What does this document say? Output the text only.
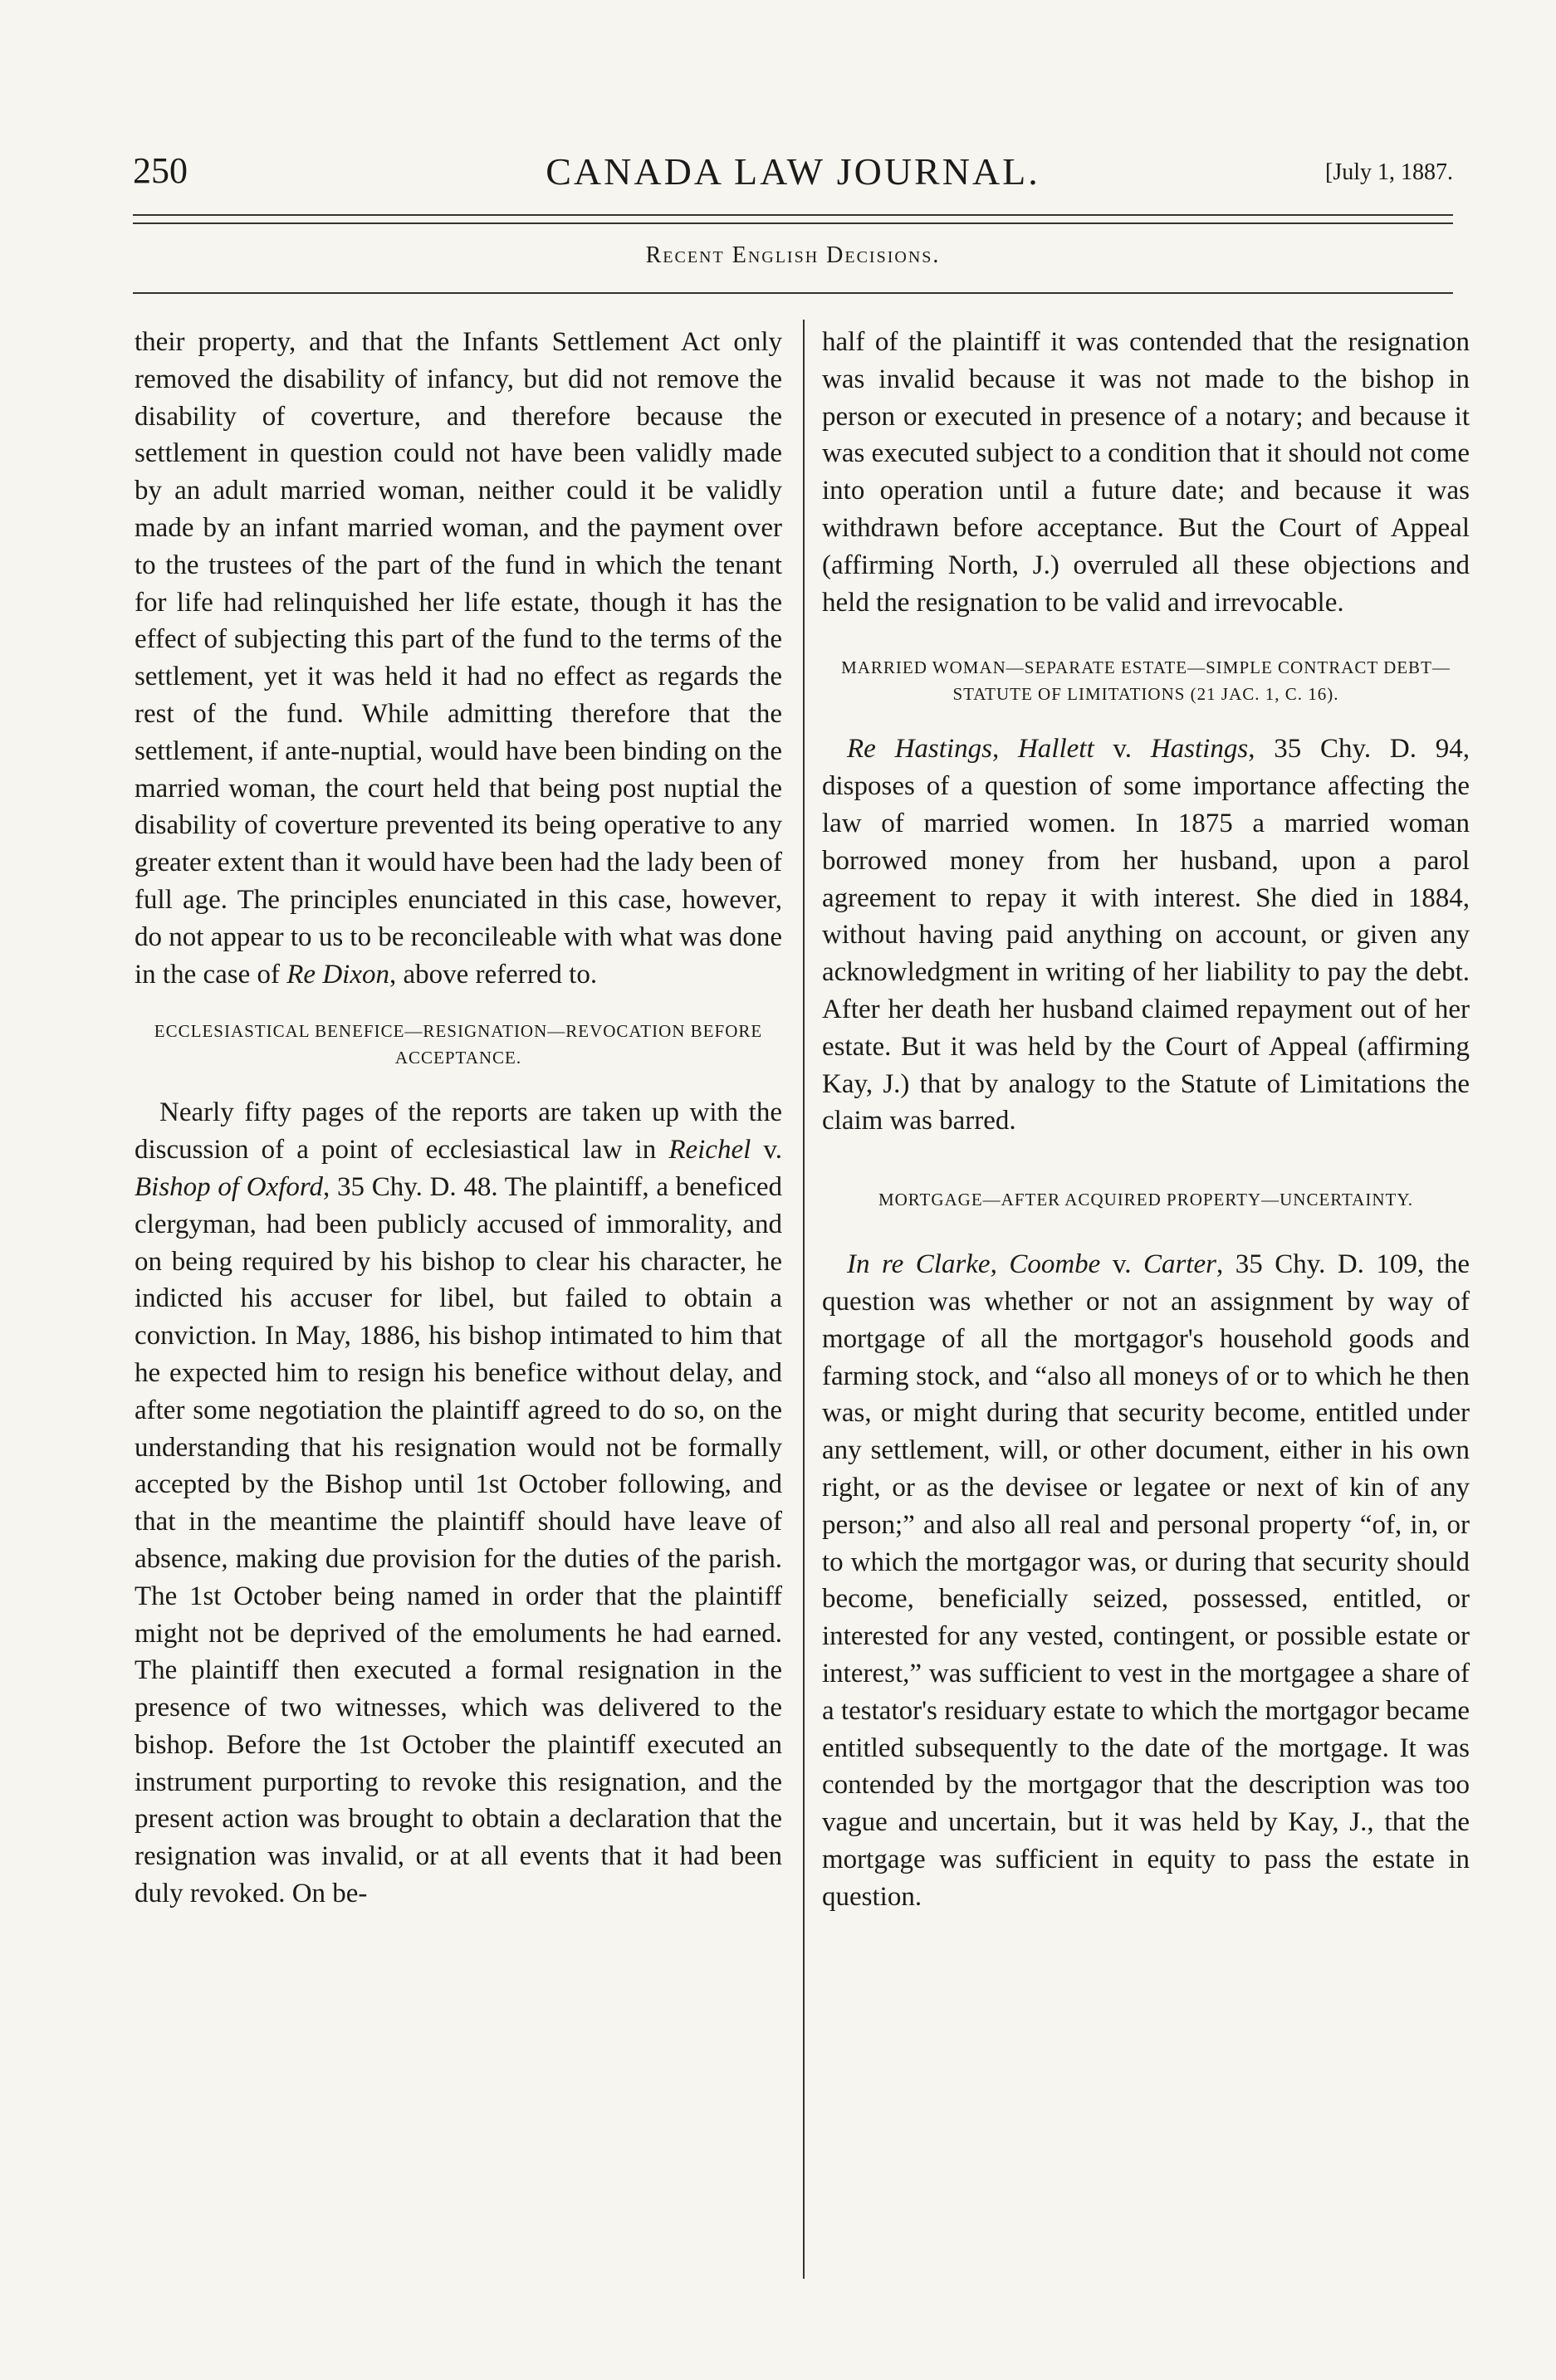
250	CANADA LAW JOURNAL.	[July 1, 1887.
Recent English Decisions.

their property, and that the Infants Settlement Act only removed the disability of infancy, but did not remove the disability of coverture, and therefore because the settlement in question could not have been validly made by an adult married woman, neither could it be validly made by an infant married woman, and the payment over to the trustees of the part of the fund in which the tenant for life had relinquished her life estate, though it has the effect of subjecting this part of the fund to the terms of the settlement, yet it was held it had no effect as regards the rest of the fund. While admitting therefore that the settlement, if ante-nuptial, would have been binding on the married woman, the court held that being post nuptial the disability of coverture prevented its being operative to any greater extent than it would have been had the lady been of full age. The principles enunciated in this case, however, do not appear to us to be reconcileable with what was done in the case of Re Dixon, above referred to.

ECCLESIASTICAL BENEFICE—RESIGNATION—REVOCATION BEFORE ACCEPTANCE.

Nearly fifty pages of the reports are taken up with the discussion of a point of ecclesiastical law in Reichel v. Bishop of Oxford, 35 Chy. D. 48. The plaintiff, a beneficed clergyman, had been publicly accused of immorality, and on being required by his bishop to clear his character, he indicted his accuser for libel, but failed to obtain a conviction. In May, 1886, his bishop intimated to him that he expected him to resign his benefice without delay, and after some negotiation the plaintiff agreed to do so, on the understanding that his resignation would not be formally accepted by the Bishop until 1st October following, and that in the meantime the plaintiff should have leave of absence, making due provision for the duties of the parish. The 1st October being named in order that the plaintiff might not be deprived of the emoluments he had earned. The plaintiff then executed a formal resignation in the presence of two witnesses, which was delivered to the bishop. Before the 1st October the plaintiff executed an instrument purporting to revoke this resignation, and the present action was brought to obtain a declaration that the resignation was invalid, or at all events that it had been duly revoked. On be-

half of the plaintiff it was contended that the resignation was invalid because it was not made to the bishop in person or executed in presence of a notary; and because it was executed subject to a condition that it should not come into operation until a future date; and because it was withdrawn before acceptance. But the Court of Appeal (affirming North, J.) overruled all these objections and held the resignation to be valid and irrevocable.

MARRIED WOMAN—SEPARATE ESTATE—SIMPLE CONTRACT DEBT—STATUTE OF LIMITATIONS (21 JAC. 1, C. 16).

Re Hastings, Hallett v. Hastings, 35 Chy. D. 94, disposes of a question of some importance affecting the law of married women. In 1875 a married woman borrowed money from her husband, upon a parol agreement to repay it with interest. She died in 1884, without having paid anything on account, or given any acknowledgment in writing of her liability to pay the debt. After her death her husband claimed repayment out of her estate. But it was held by the Court of Appeal (affirming Kay, J.) that by analogy to the Statute of Limitations the claim was barred.

MORTGAGE—AFTER ACQUIRED PROPERTY—UNCERTAINTY.

In re Clarke, Coombe v. Carter, 35 Chy. D. 109, the question was whether or not an assignment by way of mortgage of all the mortgagor's household goods and farming stock, and “also all moneys of or to which he then was, or might during that security become, entitled under any settlement, will, or other document, either in his own right, or as the devisee or legatee or next of kin of any person;” and also all real and personal property “of, in, or to which the mortgagor was, or during that security should become, beneficially seized, possessed, entitled, or interested for any vested, contingent, or possible estate or interest,” was sufficient to vest in the mortgagee a share of a testator's residuary estate to which the mortgagor became entitled subsequently to the date of the mortgage. It was contended by the mortgagor that the description was too vague and uncertain, but it was held by Kay, J., that the mortgage was sufficient in equity to pass the estate in question.
